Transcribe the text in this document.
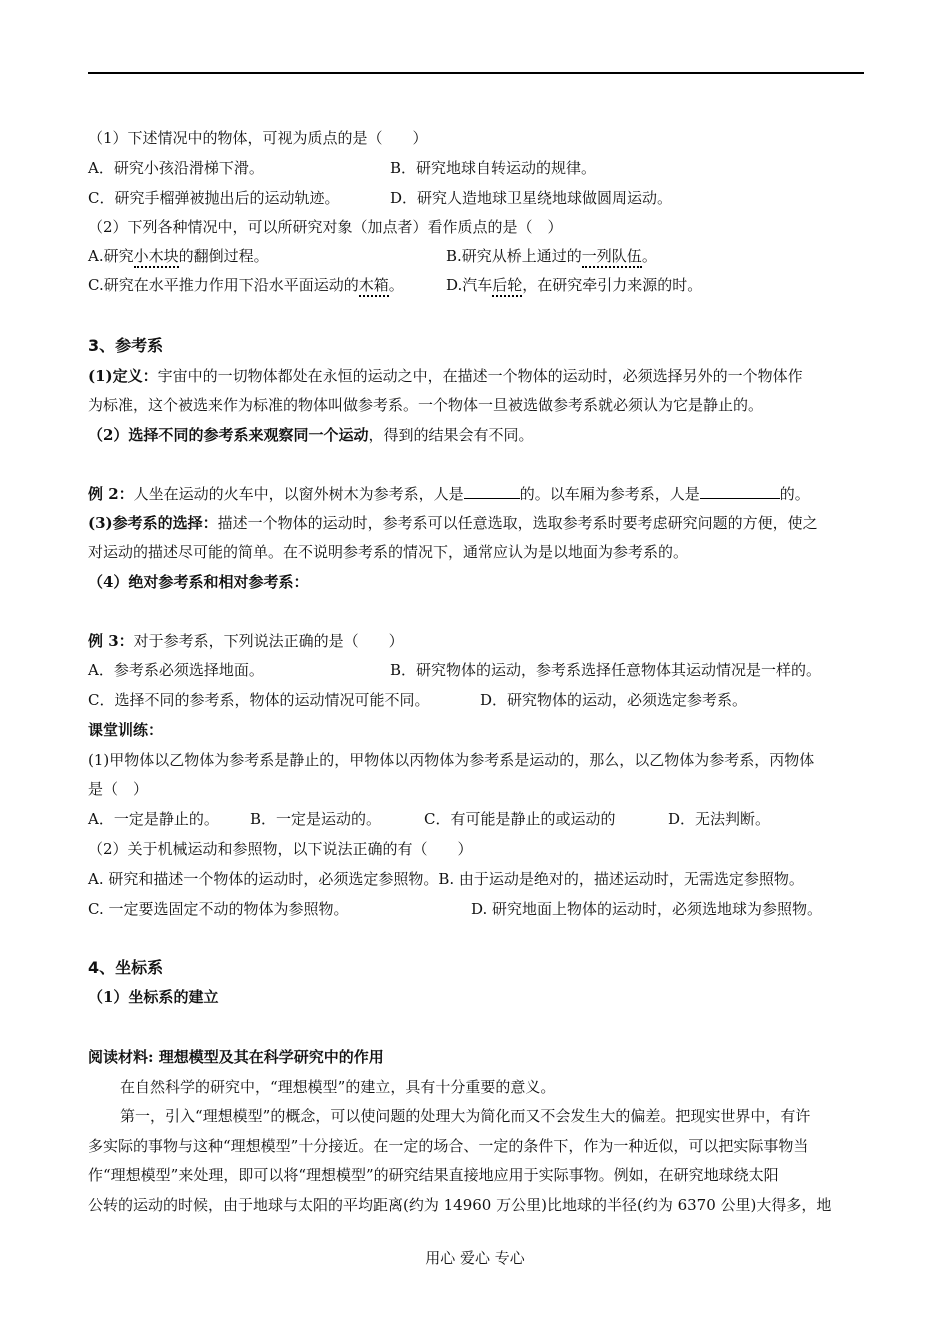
（1）下述情况中的物体，可视为质点的是（　　）
A．研究小孩沿滑梯下滑。	B．研究地球自转运动的规律。
C．研究手榴弹被抛出后的运动轨迹。	D．研究人造地球卫星绕地球做圆周运动。
（2）下列各种情况中，可以所研究对象（加点者）看作质点的是（　）
A.研究小木块的翻倒过程。	B.研究从桥上通过的一列队伍。
C.研究在水平推力作用下沿水平面运动的木箱。	D.汽车后轮，在研究牵引力来源的时。
3、参考系
(1)定义：宇宙中的一切物体都处在永恒的运动之中，在描述一个物体的运动时，必须选择另外的一个物体作
为标准，这个被选来作为标准的物体叫做参考系。一个物体一旦被选做参考系就必须认为它是静止的。
（2）选择不同的参考系来观察同一个运动，得到的结果会有不同。
例 2：人坐在运动的火车中，以窗外树木为参考系，人是	的。以车厢为参考系，人是	的。
(3)参考系的选择：描述一个物体的运动时，参考系可以任意选取，选取参考系时要考虑研究问题的方便，使之
对运动的描述尽可能的简单。在不说明参考系的情况下，通常应认为是以地面为参考系的。
（4）绝对参考系和相对参考系：
例 3：对于参考系，下列说法正确的是（　　）
A．参考系必须选择地面。	B．研究物体的运动，参考系选择任意物体其运动情况是一样的。
C．选择不同的参考系，物体的运动情况可能不同。	D．研究物体的运动，必须选定参考系。
课堂训练：
(1)甲物体以乙物体为参考系是静止的，甲物体以丙物体为参考系是运动的，那么，以乙物体为参考系，丙物体
是（　）
A．一定是静止的。 B．一定是运动的。	C．有可能是静止的或运动的	D．无法判断。
（2）关于机械运动和参照物，以下说法正确的有（　　）
A. 研究和描述一个物体的运动时，必须选定参照物。B. 由于运动是绝对的，描述运动时，无需选定参照物。
C. 一定要选固定不动的物体为参照物。	D. 研究地面上物体的运动时，必须选地球为参照物。
4、坐标系
（1）坐标系的建立
阅读材料: 理想模型及其在科学研究中的作用
在自然科学的研究中，“理想模型”的建立，具有十分重要的意义。
第一，引入“理想模型”的概念，可以使问题的处理大为简化而又不会发生大的偏差。把现实世界中，有许
多实际的事物与这种“理想模型”十分接近。在一定的场合、一定的条件下，作为一种近似，可以把实际事物当
作“理想模型”来处理，即可以将“理想模型”的研究结果直接地应用于实际事物。例如，在研究地球绕太阳
公转的运动的时候，由于地球与太阳的平均距离(约为 14960 万公里)比地球的半径(约为 6370 公里)大得多，地
用心 爱心 专心
